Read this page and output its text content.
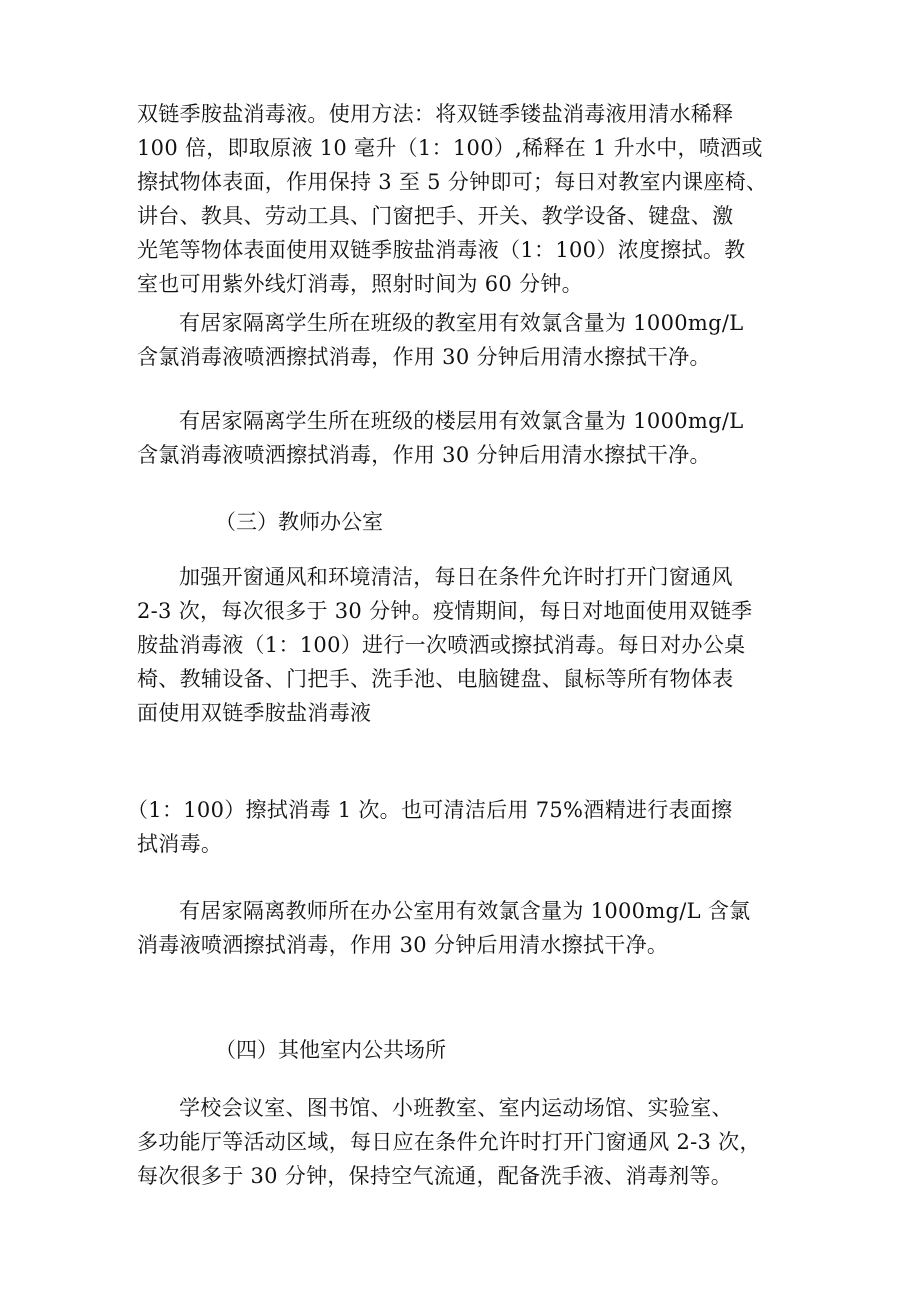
双链季胺盐消毒液。使用方法：将双链季镂盐消毒液用清水稀释
100 倍，即取原液 10 毫升（1：100）,稀释在 1 升水中，喷洒或
擦拭物体表面，作用保持 3 至 5 分钟即可；每日对教室内课座椅、
讲台、教具、劳动工具、门窗把手、开关、教学设备、键盘、激
光笔等物体表面使用双链季胺盐消毒液（1：100）浓度擦拭。教
室也可用紫外线灯消毒，照射时间为 60 分钟。
有居家隔离学生所在班级的教室用有效氯含量为 1000mg/L
含氯消毒液喷洒擦拭消毒，作用 30 分钟后用清水擦拭干净。
有居家隔离学生所在班级的楼层用有效氯含量为 1000mg/L
含氯消毒液喷洒擦拭消毒，作用 30 分钟后用清水擦拭干净。
（三）教师办公室
加强开窗通风和环境清洁，每日在条件允许时打开门窗通风
2-3 次，每次很多于 30 分钟。疫情期间，每日对地面使用双链季
胺盐消毒液（1：100）进行一次喷洒或擦拭消毒。每日对办公桌
椅、教辅设备、门把手、洗手池、电脑键盘、鼠标等所有物体表
面使用双链季胺盐消毒液
（1：100）擦拭消毒 1 次。也可清洁后用 75%酒精进行表面擦
拭消毒。
有居家隔离教师所在办公室用有效氯含量为 1000mg/L 含氯
消毒液喷洒擦拭消毒，作用 30 分钟后用清水擦拭干净。
（四）其他室内公共场所
学校会议室、图书馆、小班教室、室内运动场馆、实验室、
多功能厅等活动区域，每日应在条件允许时打开门窗通风 2-3 次，
每次很多于 30 分钟，保持空气流通，配备洗手液、消毒剂等。
